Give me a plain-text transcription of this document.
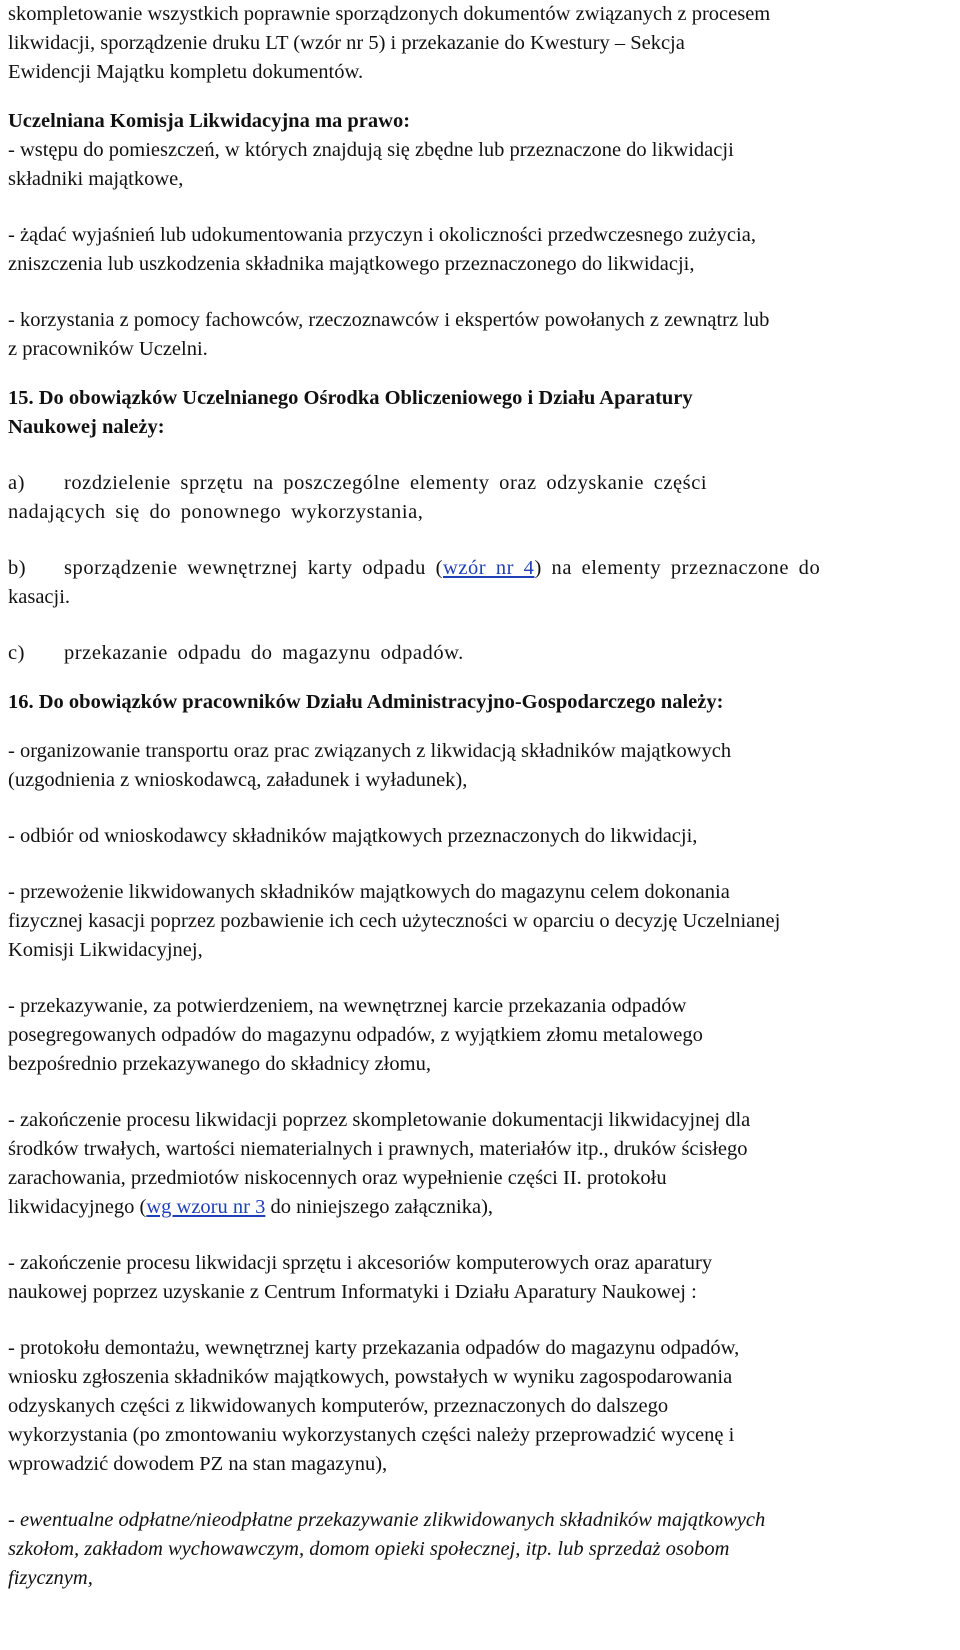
skompletowanie wszystkich poprawnie sporządzonych dokumentów związanych z procesem
likwidacji, sporządzenie druku LT (wzór nr 5) i przekazanie do Kwestury – Sekcja
Ewidencji Majątku kompletu dokumentów.
Uczelniana Komisja Likwidacyjna ma prawo:
- wstępu do pomieszczeń, w których znajdują się zbędne lub przeznaczone do likwidacji
składniki majątkowe,
- żądać wyjaśnień lub udokumentowania przyczyn i okoliczności przedwczesnego zużycia,
zniszczenia lub uszkodzenia składnika majątkowego przeznaczonego do likwidacji,
- korzystania z pomocy fachowców, rzeczoznawców i ekspertów powołanych z zewnątrz lub
z pracowników Uczelni.
15. Do obowiązków Uczelnianego Ośrodka Obliczeniowego i Działu Aparatury
Naukowej należy:
a) rozdzielenie sprzętu na poszczególne elementy oraz odzyskanie części
nadających się do ponownego wykorzystania,
b) sporządzenie wewnętrznej karty odpadu (wzór nr 4) na elementy przeznaczone do
kasacji.
c) przekazanie odpadu do magazynu odpadów.
16. Do obowiązków pracowników Działu Administracyjno-Gospodarczego należy:
- organizowanie transportu oraz prac związanych z likwidacją składników majątkowych
(uzgodnienia z wnioskodawcą, załadunek i wyładunek),
- odbiór od wnioskodawcy składników majątkowych przeznaczonych do likwidacji,
- przewożenie likwidowanych składników majątkowych do magazynu celem dokonania
fizycznej kasacji poprzez pozbawienie ich cech użyteczności w oparciu o decyzję Uczelnianej
Komisji Likwidacyjnej,
- przekazywanie, za potwierdzeniem, na wewnętrznej karcie przekazania odpadów
posegregowanych odpadów do magazynu odpadów, z wyjątkiem złomu metalowego
bezpośrednio przekazywanego do składnicy złomu,
- zakończenie procesu likwidacji poprzez skompletowanie dokumentacji likwidacyjnej dla
środków trwałych, wartości niematerialnych i prawnych, materiałów itp., druków ścisłego
zarachowania, przedmiotów niskocennych oraz wypełnienie części II. protokołu
likwidacyjnego (wg wzoru nr 3 do niniejszego załącznika),
- zakończenie procesu likwidacji sprzętu i akcesoriów komputerowych oraz aparatury
naukowej poprzez uzyskanie z Centrum Informatyki i Działu Aparatury Naukowej :
- protokołu demontażu, wewnętrznej karty przekazania odpadów do magazynu odpadów,
wniosku zgłoszenia składników majątkowych, powstałych w wyniku zagospodarowania
odzyskanych części z likwidowanych komputerów, przeznaczonych do dalszego
wykorzystania (po zmontowaniu wykorzystanych części należy przeprowadzić wycenę i
wprowadzić dowodem PZ na stan magazynu),
- ewentualne odpłatne/nieodpłatne przekazywanie zlikwidowanych składników majątkowych
szkołom, zakładom wychowawczym, domom opieki społecznej, itp. lub sprzedaż osobom
fizycznym,
